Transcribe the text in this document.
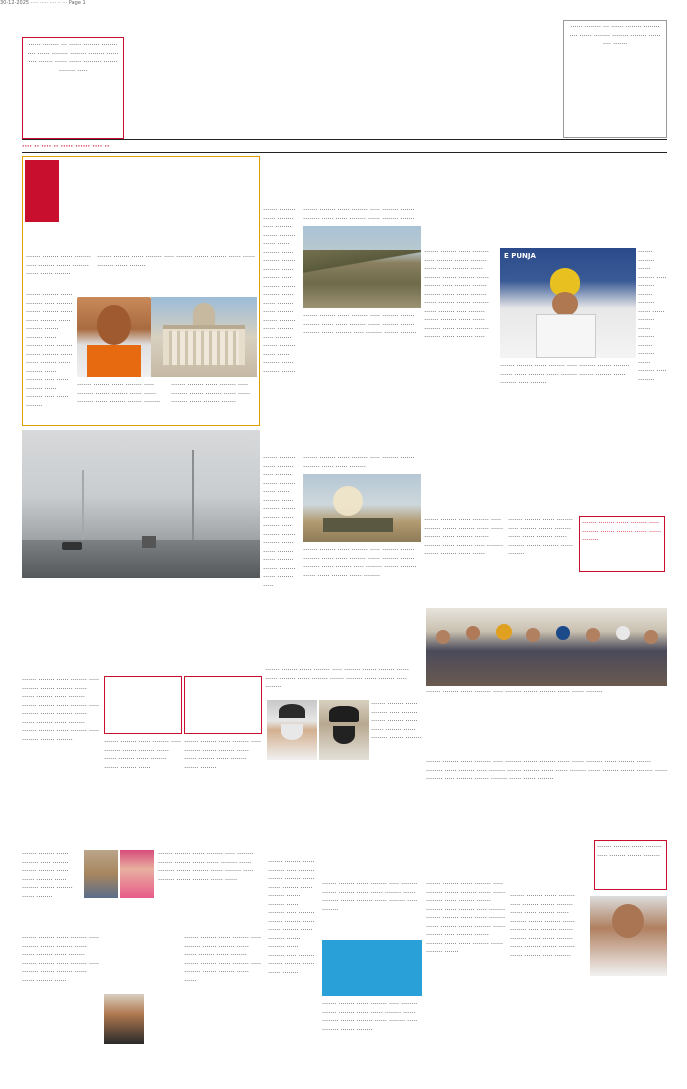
30-12-2025 ····· ····· ···· ·· ··· Page 1
······ ········ ··· ······ ········ ········ ···· ······ ········ ········ ········ ······ ···· ······· ······ ······ ········· ······· ········ ·····
······ ········ ··· ······ ········ ········ ···· ······ ········ ········ ········ ······ ···· ·······
···· ·· ···· ·· ····· ······ ···· ··
······· ········ ······ ········ ····· ········ ······· ········ ······ ······ ········
······· ········ ······ ········ ····· ········ ······· ········ ······ ······ ········ ······ ········
······· ········ ······ ········ ····· ········ ······· ········ ······ ······ ········ ······ ········ ······· ········ ······ ········ ····· ········ ······· ········ ······ ······ ········ ······ ········ ······ ········ ····· ······ ········ ······ ········ ····· ······ ········
······· ········ ······ ········ ····· ········ ······· ········ ······ ······ ········ ······ ········ ······· ········
······· ········ ······ ········ ····· ········ ······· ········ ······ ······ ········ ······ ········ ·······
······· ········ ······ ········ ····· ········ ······· ········ ······ ······ ········ ······ ········ ······· ········ ······ ········ ····· ········ ······· ········ ······ ······ ········ ······ ········ ······· ········ ······ ········ ····· ········ ······· ········ ······ ······ ········ ······ ········ ·······
······· ········ ······ ········ ····· ········ ······· ········ ······ ······ ········ ······ ········ ·······
······· ········ ······ ········ ····· ········ ······· ········ ······ ······ ········ ······ ········ ······· ········ ······ ········ ····· ········ ······· ········
······· ········ ······ ········ ····· ········ ······· ········ ······ ······ ········ ······ ········ ······· ········ ······ ········ ····· ········ ······· ········ ······ ······ ········ ······ ········ ······· ········ ······ ········ ·····
······· ········ ······ ········ ····· ········ ······· ········ ······ ······ ········
······· ········ ······ ········ ····· ········ ······· ········ ······ ······ ········ ······ ········ ······· ········ ······ ········ ····· ········ ······· ········ ······ ······ ········ ······ ········
······· ········ ······ ········ ····· ········ ······· ········ ······ ······ ········ ······ ········ ······· ········ ······ ········ ····· ········ ······· ········ ······ ······ ········ ······ ········ ······· ········ ······ ········ ····· ········ ······· ········ ······ ······ ········ ······ ········ ······· ········ ······ ········ ·····
E PUNJA	······· ········ ······ ········ ····· ········ ······· ········ ······ ······ ········ ······ ········ ······· ········ ······ ········ ····· ········
······· ········ ······ ········ ····· ········ ······· ········ ······ ······ ········ ······ ········ ······· ········ ······ ········ ····· ········
······· ········ ······ ········ ····· ········ ······· ········ ······ ······ ········ ······ ········ ······· ········ ······ ········ ····· ········ ······· ········ ······ ······
······· ········ ······ ········ ····· ········ ······· ········ ······ ······ ········ ······ ········ ······· ········ ······ ········
······· ········ ······ ········ ····· ········ ······· ········ ······ ······ ········
······· ········ ······ ········ ····· ········ ······· ········ ······ ······ ········ ······ ········ ······· ········ ······ ········ ····· ········ ······· ········ ······ ······ ········ ······ ········ ······· ········ ······ ········ ····· ········ ······· ········	······· ········ ······ ········ ····· ········ ······· ········ ······ ······ ········ ······ ········ ······· ········ ······
······· ········ ······ ········ ····· ········ ······· ········ ······ ······ ········ ······ ········ ······· ········
······· ········ ······ ········ ····· ········ ······· ········ ······ ······ ········ ······ ········ ······· ········ ······ ········ ····· ········
······· ········ ······ ········ ····· ········ ······· ········ ······ ······ ········ ······ ········ ······· ········
······· ········ ······ ········ ····· ········ ······· ········ ······ ······ ········
······· ········ ······ ········ ····· ········ ······· ········ ······ ······ ········ ······ ········ ······· ········ ······ ········ ····· ········ ······· ········ ······ ······ ········ ······ ········ ······· ········ ······ ········ ····· ········ ······· ········ ······ ······ ········
······· ········ ······ ········ ····· ········ ······· ········ ······ ······ ········ ······ ········ ······· ········ ······ ········
······· ········ ······ ········ ····· ········ ······· ········ ······ ······ ········ ······ ········ ······· ········ ······ ········ ····· ········ ······· ········ ······ ······
······· ········ ······ ········ ····· ········ ······· ········ ······ ······ ········ ······ ········ ······· ········ ······ ········ ····· ········ ······· ········ ······ ······ ········ ······
······· ········ ······ ········ ····· ········ ······· ········ ······ ······ ········ ······ ········ ······· ········ ······ ········ ····· ········ ······· ········ ······ ······
······· ········ ······ ········ ····· ········ ······· ········ ······ ······ ········ ······ ········ ······· ········ ······ ········ ····· ········ ······· ········ ······ ······ ········ ······ ········ ······· ········ ······ ········ ····· ········ ······· ········ ······ ······ ········
······· ········ ······ ········ ····· ········ ······· ········ ······ ······ ········ ······ ········ ······· ········ ······ ········ ····· ········
······· ········ ······ ········ ····· ········ ······· ········ ······ ······ ········ ······ ········ ······· ········ ······ ········ ····· ········ ······· ········
······· ········ ······ ········ ····· ········ ······· ········ ······ ······ ········ ······ ········ ······· ········ ······ ········ ····· ········ ······· ········ ······ ······ ········ ······ ········ ······· ········ ······ ········ ····· ········ ······· ········ ······ ······ ········ ······ ········ ·······
······· ········ ······ ········ ····· ········ ······· ········
······· ········ ······ ········ ····· ········ ······· ········ ······ ······ ········ ······ ········ ······· ········ ······ ········ ····· ········ ······· ········ ······ ······ ········ ······ ········ ······· ········ ······ ········ ····· ········
